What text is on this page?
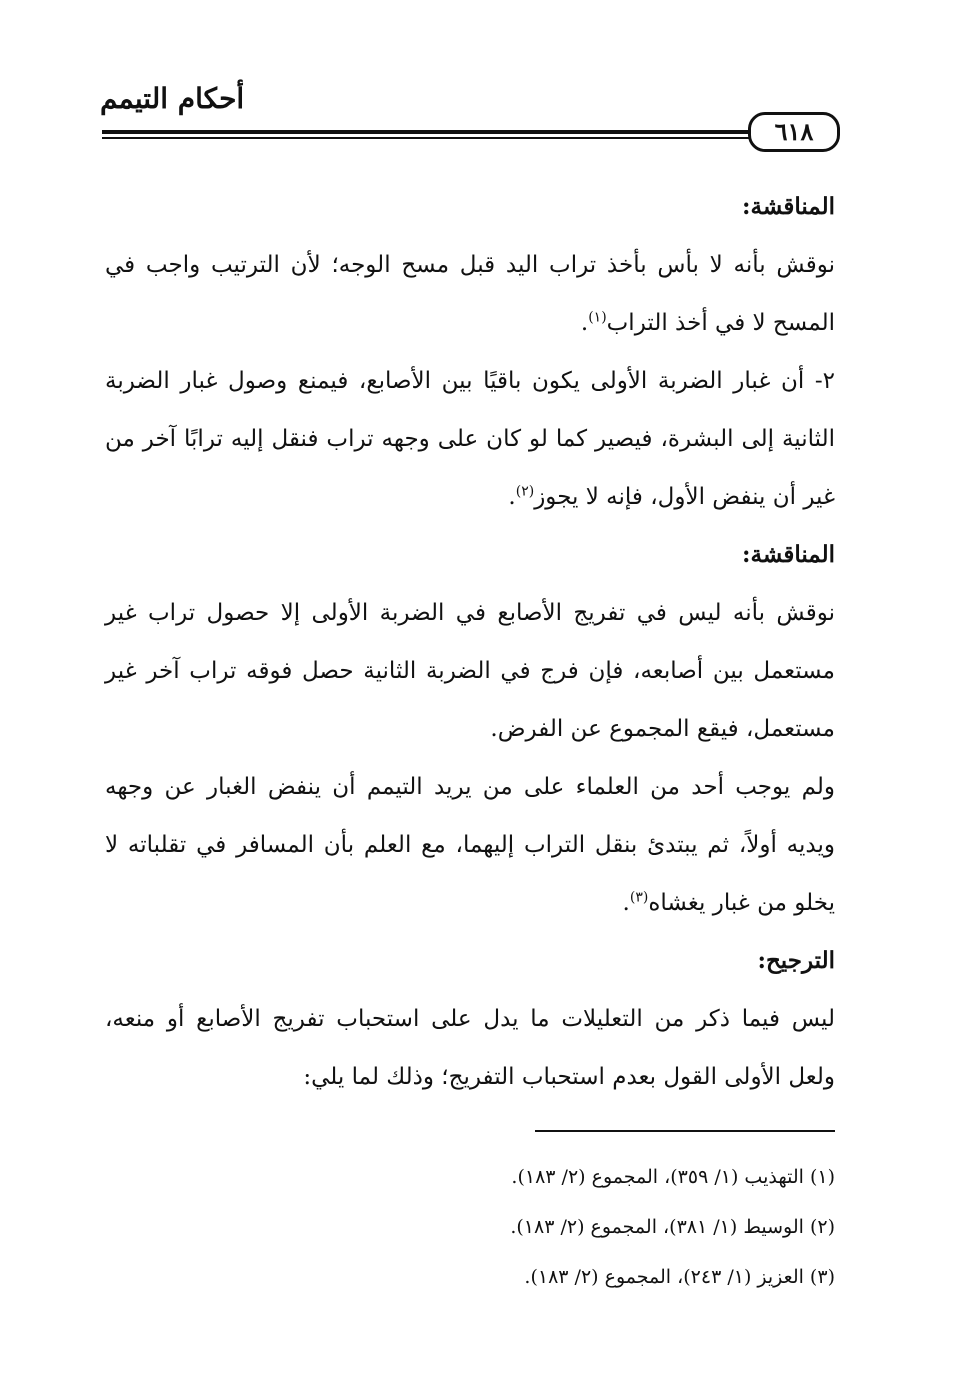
أحكام التيمم
٦١٨

المناقشة:

نوقش بأنه لا بأس بأخذ تراب اليد قبل مسح الوجه؛ لأن الترتيب واجب في المسح لا في أخذ التراب$^{(١)}$.

٢- أن غبار الضربة الأولى يكون باقيًا بين الأصابع، فيمنع وصول غبار الضربة الثانية إلى البشرة، فيصير كما لو كان على وجهه تراب فنقل إليه ترابًا آخر من غير أن ينفض الأول، فإنه لا يجوز$^{(٢)}$.

المناقشة:

نوقش بأنه ليس في تفريج الأصابع في الضربة الأولى إلا حصول تراب غير مستعمل بين أصابعه، فإن فرج في الضربة الثانية حصل فوقه تراب آخر غير مستعمل، فيقع المجموع عن الفرض.

ولم يوجب أحد من العلماء على من يريد التيمم أن ينفض الغبار عن وجهه ويديه أولاً، ثم يبتدئ بنقل التراب إليهما، مع العلم بأن المسافر في تقلباته لا يخلو من غبار يغشاه$^{(٣)}$.

الترجيح:

ليس فيما ذكر من التعليلات ما يدل على استحباب تفريج الأصابع أو منعه، ولعل الأولى القول بعدم استحباب التفريج؛ وذلك لما يلي:

(١) التهذيب (١/ ٣٥٩)، المجموع (٢/ ١٨٣).

(٢) الوسيط (١/ ٣٨١)، المجموع (٢/ ١٨٣).

(٣) العزيز (١/ ٢٤٣)، المجموع (٢/ ١٨٣).
